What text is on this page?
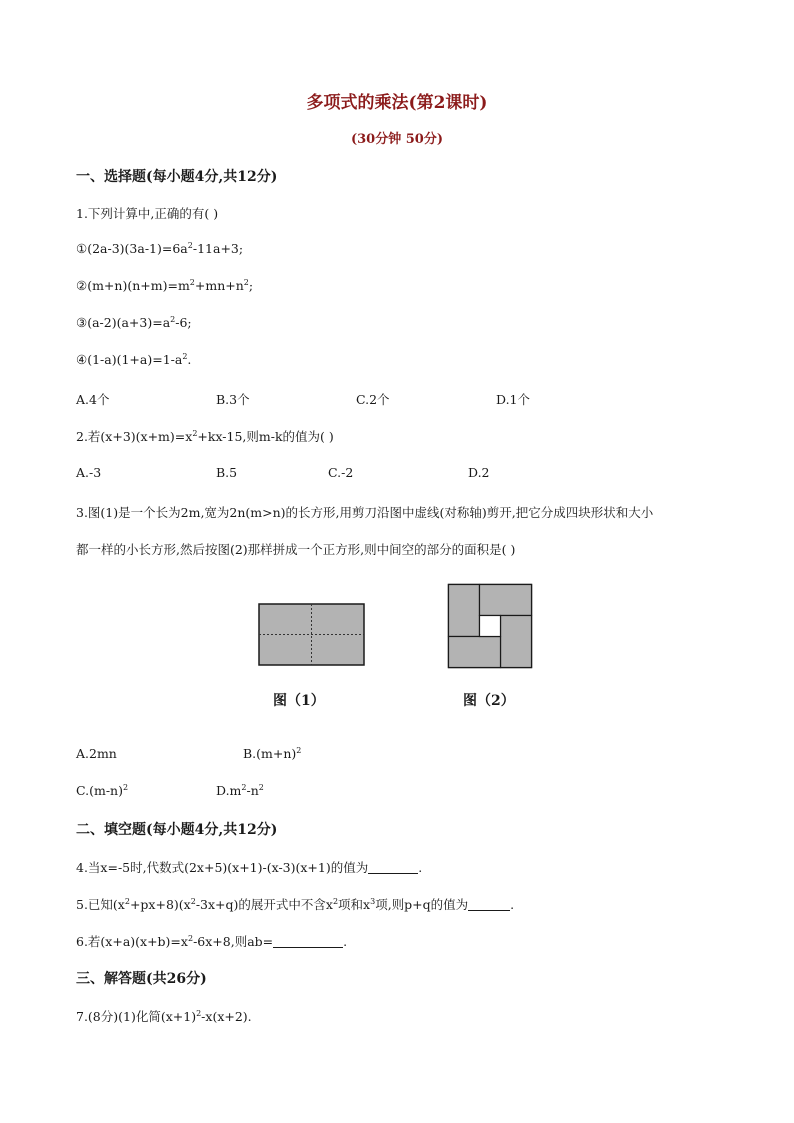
多项式的乘法(第2课时)
(30分钟 50分)
一、选择题(每小题4分,共12分)
1.下列计算中,正确的有( )
$①(2a-3)(3a-1)=6a^2-11a+3$;
$②(m+n)(n+m)=m^2+mn+n^2$;
$③(a-2)(a+3)=a^2-6$;
$④(1-a)(1+a)=1-a^2$.
A.4个	B.3个	C.2个	D.1个
2.若$(x+3)(x+m)=x^2+kx-15$,则m-k的值为( )
A.-3	B.5	C.-2	D.2
3.图(1)是一个长为2m,宽为2n(m>n)的长方形,用剪刀沿图中虚线(对称轴)剪开,把它分成四块形状和大小
都一样的小长方形,然后按图(2)那样拼成一个正方形,则中间空的部分的面积是( )
图（1）	图（2）
A.2mn	$B.(m+n)^2$
$C.(m-n)^2$	$D.m^2-n^2$
二、填空题(每小题4分,共12分)
4.当x=-5时,代数式(2x+5)(x+1)-(x-3)(x+1)的值为	.
5.已知$(x^2+px+8)(x^2-3x+q)$的展开式中不含$x^2$项和$x^3$项,则p+q的值为	.
6.若$(x+a)(x+b)=x^2-6x+8$,则ab=	.
三、解答题(共26分)
7.(8分)(1)化简$(x+1)^2-x(x+2)$.
